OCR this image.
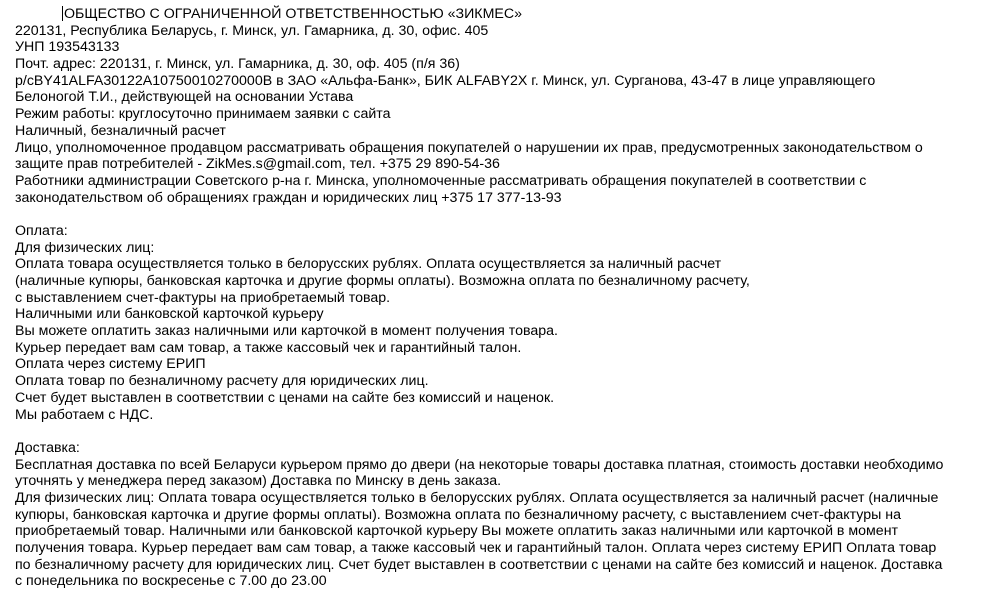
ОБЩЕСТВО С ОГРАНИЧЕННОЙ ОТВЕТСТВЕННОСТЬЮ «ЗИКМЕС»
220131, Республика Беларусь, г. Минск, ул. Гамарника, д. 30, офис. 405
УНП 193543133
Почт. адрес: 220131, г. Минск, ул. Гамарника, д. 30, оф. 405 (п/я 36)
р/сBY41ALFA30122A10750010270000В в ЗАО «Альфа-Банк», БИК ALFABY2X г. Минск, ул. Сурганова, 43-47 в лице управляющего
Белоногой Т.И., действующей на основании Устава
Режим работы: круглосуточно принимаем заявки с сайта
Наличный, безналичный расчет
Лицо, уполномоченное продавцом рассматривать обращения покупателей о нарушении их прав, предусмотренных законодательством о
защите прав потребителей - ZikMes.s@gmail.com, тел. +375 29 890-54-36
Работники администрации Советского р-на г. Минска, уполномоченные рассматривать обращения покупателей в соответствии с
законодательством об обращениях граждан и юридических лиц +375 17 377-13-93
Оплата:
Для физических лиц:
Оплата товара осуществляется только в белорусских рублях. Оплата осуществляется за наличный расчет
(наличные купюры, банковская карточка и другие формы оплаты). Возможна оплата по безналичному расчету,
с выставлением счет-фактуры на приобретаемый товар.
Наличными или банковской карточкой курьеру
Вы можете оплатить заказ наличными или карточкой в момент получения товара.
Курьер передает вам сам товар, а также кассовый чек и гарантийный талон.
Оплата через систему ЕРИП
Оплата товар по безналичному расчету для юридических лиц.
Счет будет выставлен в соответствии с ценами на сайте без комиссий и наценок.
Мы работаем с НДС.
Доставка:
Бесплатная доставка по всей Беларуси курьером прямо до двери (на некоторые товары доставка платная, стоимость доставки необходимо
уточнять у менеджера перед заказом) Доставка по Минску в день заказа.
Для физических лиц: Оплата товара осуществляется только в белорусских рублях. Оплата осуществляется за наличный расчет (наличные
купюры, банковская карточка и другие формы оплаты). Возможна оплата по безналичному расчету, с выставлением счет-фактуры на
приобретаемый товар. Наличными или банковской карточкой курьеру Вы можете оплатить заказ наличными или карточкой в момент
получения товара. Курьер передает вам сам товар, а также кассовый чек и гарантийный талон. Оплата через систему ЕРИП Оплата товар
по безналичному расчету для юридических лиц. Счет будет выставлен в соответствии с ценами на сайте без комиссий и наценок. Доставка
с понедельника по воскресенье с 7.00 до 23.00
